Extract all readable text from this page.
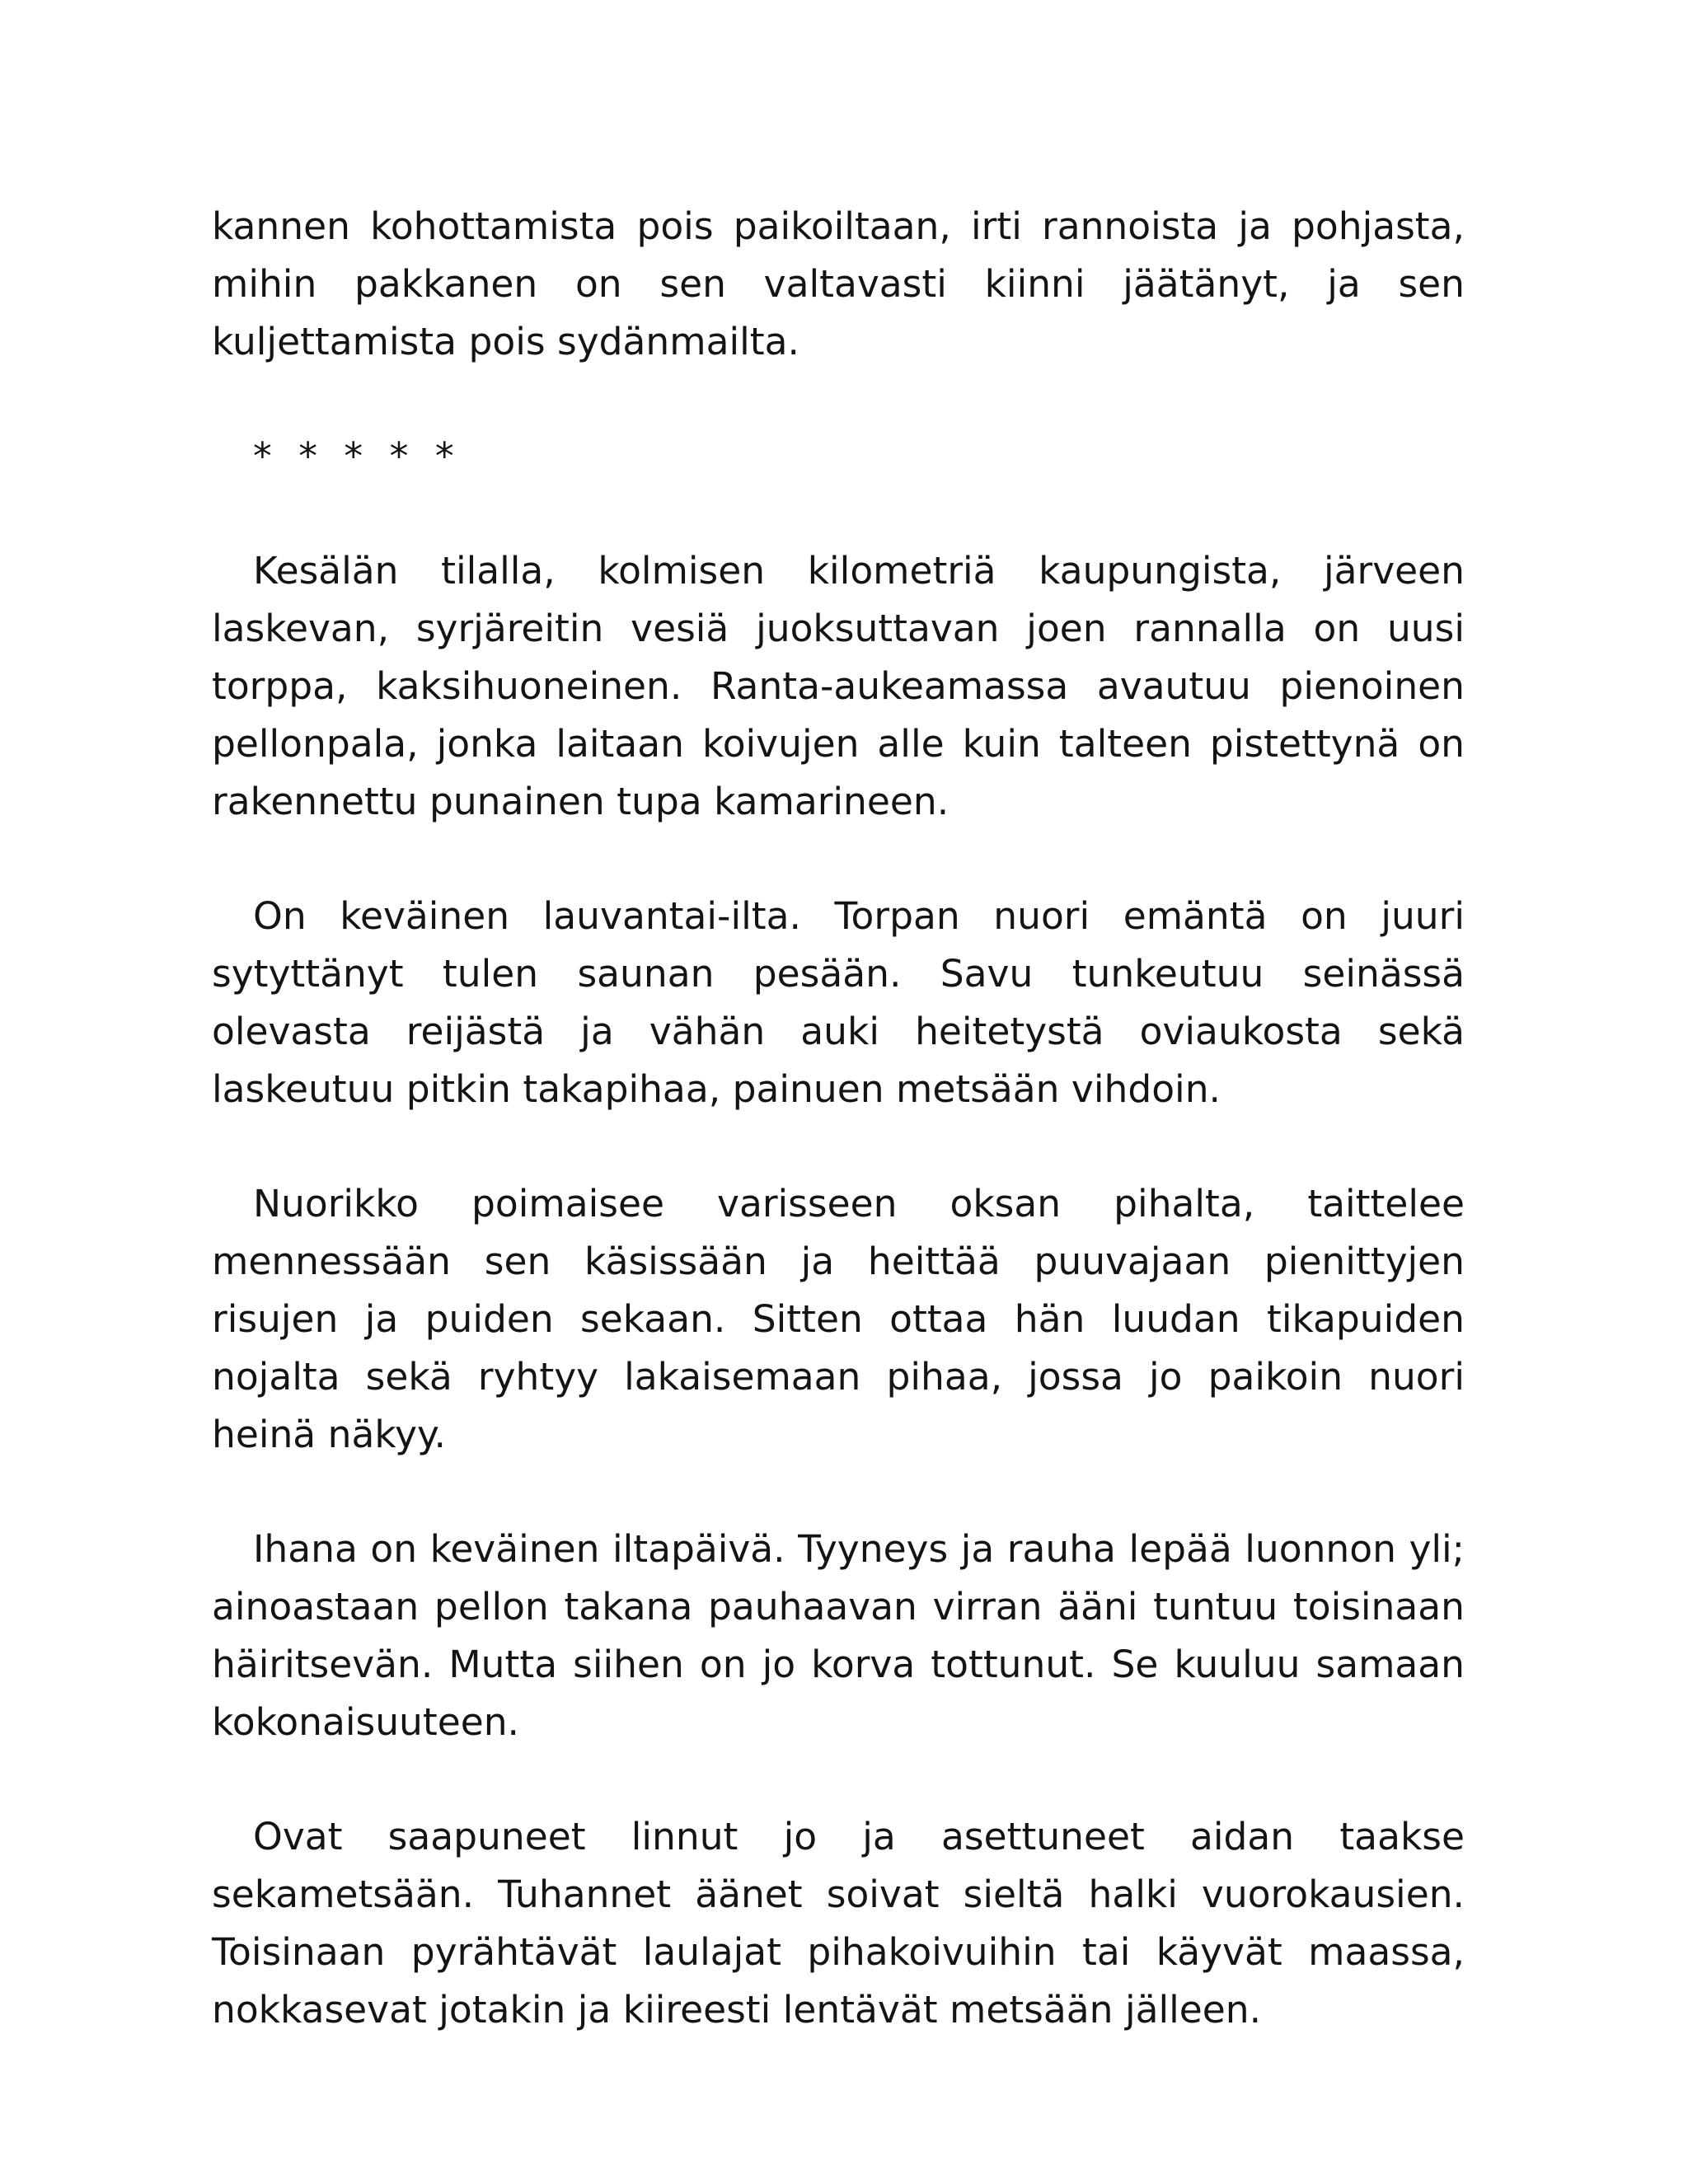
kannen kohottamista pois paikoiltaan, irti rannoista ja pohjasta, mihin pakkanen on sen valtavasti kiinni jäätänyt, ja sen kuljettamista pois sydänmailta.

* * * * *

Kesälän tilalla, kolmisen kilometriä kaupungista, järveen laskevan, syrjäreitin vesiä juoksuttavan joen rannalla on uusi torppa, kaksihuoneinen. Ranta-aukeamassa avautuu pienoinen pellonpala, jonka laitaan koivujen alle kuin talteen pistettynä on rakennettu punainen tupa kamarineen.

On keväinen lauvantai-ilta. Torpan nuori emäntä on juuri sytyttänyt tulen saunan pesään. Savu tunkeutuu seinässä olevasta reijästä ja vähän auki heitetystä oviaukosta sekä laskeutuu pitkin takapihaa, painuen metsään vihdoin.

Nuorikko poimaisee varisseen oksan pihalta, taittelee mennessään sen käsissään ja heittää puuvajaan pienittyjen risujen ja puiden sekaan. Sitten ottaa hän luudan tikapuiden nojalta sekä ryhtyy lakaisemaan pihaa, jossa jo paikoin nuori heinä näkyy.

Ihana on keväinen iltapäivä. Tyyneys ja rauha lepää luonnon yli; ainoastaan pellon takana pauhaavan virran ääni tuntuu toisinaan häiritsevän. Mutta siihen on jo korva tottunut. Se kuuluu samaan kokonaisuuteen.

Ovat saapuneet linnut jo ja asettuneet aidan taakse sekametsään. Tuhannet äänet soivat sieltä halki vuorokausien. Toisinaan pyrähtävät laulajat pihakoivuihin tai käyvät maassa, nokkasevat jotakin ja kiireesti lentävät metsään jälleen.
